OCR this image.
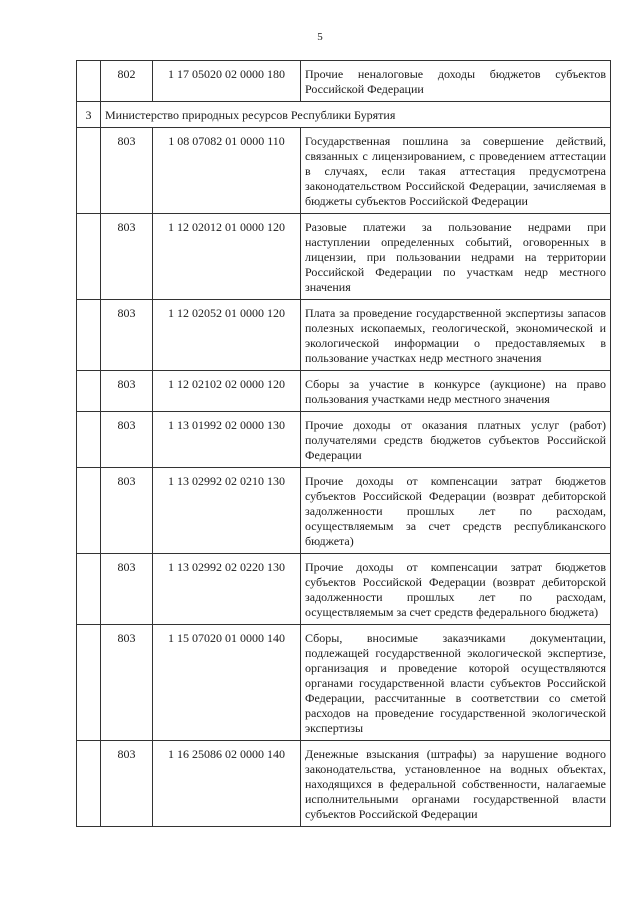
5
	802	1 17 05020 02 0000 180	Прочие неналоговые доходы бюджетов субъектов Российской Федерации
3	Министерство природных ресурсов Республики Бурятия		
	803	1 08 07082 01 0000 110	Государственная пошлина за совершение действий, связанных с лицензированием, с проведением аттестации в случаях, если такая аттестация предусмотрена законодательством Российской Федерации, зачисляемая в бюджеты субъектов Российской Федерации
	803	1 12 02012 01 0000 120	Разовые платежи за пользование недрами при наступлении определенных событий, оговоренных в лицензии, при пользовании недрами на территории Российской Федерации по участкам недр местного значения
	803	1 12 02052 01 0000 120	Плата за проведение государственной экспертизы запасов полезных ископаемых, геологической, экономической и экологической информации о предоставляемых в пользование участках недр местного значения
	803	1 12 02102 02 0000 120	Сборы за участие в конкурсе (аукционе) на право пользования участками недр местного значения
	803	1 13 01992 02 0000 130	Прочие доходы от оказания платных услуг (работ) получателями средств бюджетов субъектов Российской Федерации
	803	1 13 02992 02 0210 130	Прочие доходы от компенсации затрат бюджетов субъектов Российской Федерации (возврат дебиторской задолженности прошлых лет по расходам, осуществляемым за счет средств республиканского бюджета)
	803	1 13 02992 02 0220 130	Прочие доходы от компенсации затрат бюджетов субъектов Российской Федерации (возврат дебиторской задолженности прошлых лет по расходам, осуществляемым за счет средств федерального бюджета)
	803	1 15 07020 01 0000 140	Сборы, вносимые заказчиками документации, подлежащей государственной экологической экспертизе, организация и проведение которой осуществляются органами государственной власти субъектов Российской Федерации, рассчитанные в соответствии со сметой расходов на проведение государственной экологической экспертизы
	803	1 16 25086 02 0000 140	Денежные взыскания (штрафы) за нарушение водного законодательства, установленное на водных объектах, находящихся в федеральной собственности, налагаемые исполнительными органами государственной власти субъектов Российской Федерации
